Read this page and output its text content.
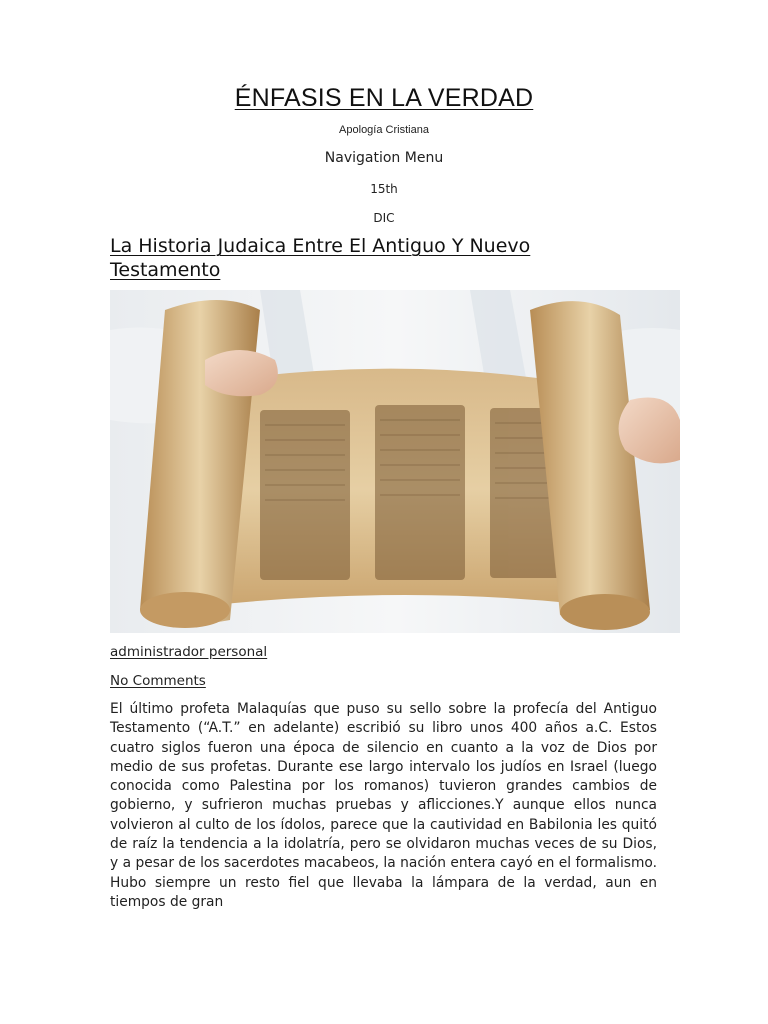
ÉNFASIS EN LA VERDAD
Apología Cristiana
Navigation Menu
15th
DIC
La Historia Judaica Entre El Antiguo Y Nuevo Testamento
administrador personal
No Comments
El último profeta Malaquías que puso su sello sobre la profecía del Antiguo Testamento (“A.T.” en adelante) escribió su libro unos 400 años a.C. Estos cuatro siglos fueron una época de silencio en cuanto a la voz de Dios por medio de sus profetas. Durante ese largo intervalo los judíos en Israel (luego conocida como Palestina por los romanos) tuvieron grandes cambios de gobierno, y sufrieron muchas pruebas y aflicciones.Y aunque ellos nunca volvieron al culto de los ídolos, parece que la cautividad en Babilonia les quitó de raíz la tendencia a la idolatría, pero se olvidaron muchas veces de su Dios, y a pesar de los sacerdotes macabeos, la nación entera cayó en el formalismo. Hubo siempre un resto fiel que llevaba la lámpara de la verdad, aun en tiempos de gran
